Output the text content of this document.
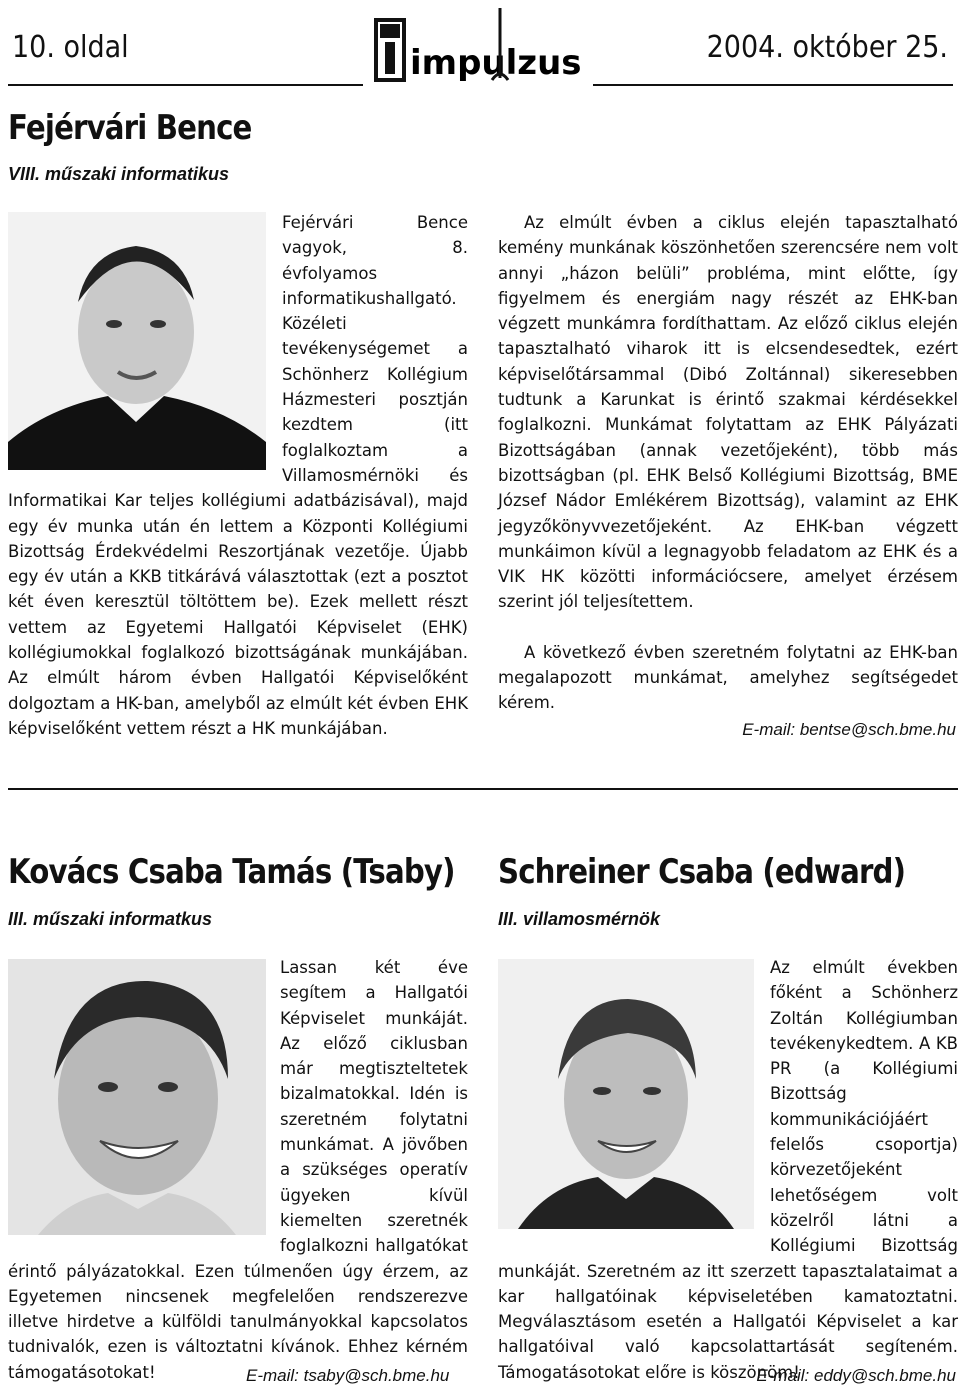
10. oldal	2004. október 25.
impulzus
Fejérvári Bence
VIII. műszaki informatikus

Fejérvári Bence vagyok, 8. évfolyamos informatikushallgató. Közéleti tevékenységemet a Schönherz Kollégium Házmesteri posztján kezdtem (itt foglalkoztam a Villamosmérnöki és Informatikai Kar teljes kollégiumi adatbázisával), majd egy év munka után én lettem a Központi Kollégiumi Bizottság Érdekvédelmi Reszortjának vezetője. Újabb egy év után a KKB titkárává választottak (ezt a posztot két éven keresztül töltöttem be). Ezek mellett részt vettem az Egyetemi Hallgatói Képviselet (EHK) kollégiumokkal foglalkozó bizottságának munkájában. Az elmúlt három évben Hallgatói Képviselőként dolgoztam a HK-ban, amelyből az elmúlt két évben EHK képviselőként vettem részt a HK munkájában.

Az elmúlt évben a ciklus elején tapasztalható kemény munkának köszönhetően szerencsére nem volt annyi „házon belüli” probléma, mint előtte, így figyelmem és energiám nagy részét az EHK-ban végzett munkámra fordíthattam. Az előző ciklus elején tapasztalható viharok itt is elcsendesedtek, ezért képviselőtársammal (Dibó Zoltánnal) sikeresebben tudtunk a Karunkat is érintő szakmai kérdésekkel foglalkozni. Munkámat folytattam az EHK Pályázati Bizottságában (annak vezetőjeként), több más bizottságban (pl. EHK Belső Kollégiumi Bizottság, BME József Nádor Emlékérem Bizottság), valamint az EHK jegyzőkönyvvezetőjeként. Az EHK-ban végzett munkáimon kívül a legnagyobb feladatom az EHK és a VIK HK közötti információcsere, amelyet érzésem szerint jól teljesítettem.

A következő évben szeretném folytatni az EHK-ban megalapozott munkámat, amelyhez segítségedet kérem.

E-mail: bentse@sch.bme.hu
Kovács Csaba Tamás (Tsaby)
III. műszaki informatkus

Lassan két éve segítem a Hallgatói Képviselet munkáját. Az előző ciklusban már megtiszteltetek bizalmatokkal. Idén is szeretném folytatni munkámat. A jövőben a szükséges operatív ügyeken kívül kiemelten szeretnék foglalkozni hallgatókat érintő pályázatokkal. Ezen túlmenően úgy érzem, az Egyetemen nincsenek megfelelően rendszerezve illetve hirdetve a külföldi tanulmányokkal kapcsolatos tudnivalók, ezen is változtatni kívánok. Ehhez kérném támogatásotokat!	E-mail: tsaby@sch.bme.hu
Schreiner Csaba (edward)
III. villamosmérnök

Az elmúlt években főként a Schönherz Zoltán Kollégiumban tevékenykedtem. A KB PR (a Kollégiumi Bizottság kommunikációjáért felelős csoportja) körvezetőjeként lehetőségem volt közelről látni a Kollégiumi Bizottság munkáját. Szeretném az itt szerzett tapasztalataimat a kar hallgatóinak képviseletében kamatoztatni. Megválasztásom esetén a Hallgatói Képviselet a kar hallgatóival való kapcsolattartását segíteném. Támogatásotokat előre is köszönöm!

E-mail: eddy@sch.bme.hu
